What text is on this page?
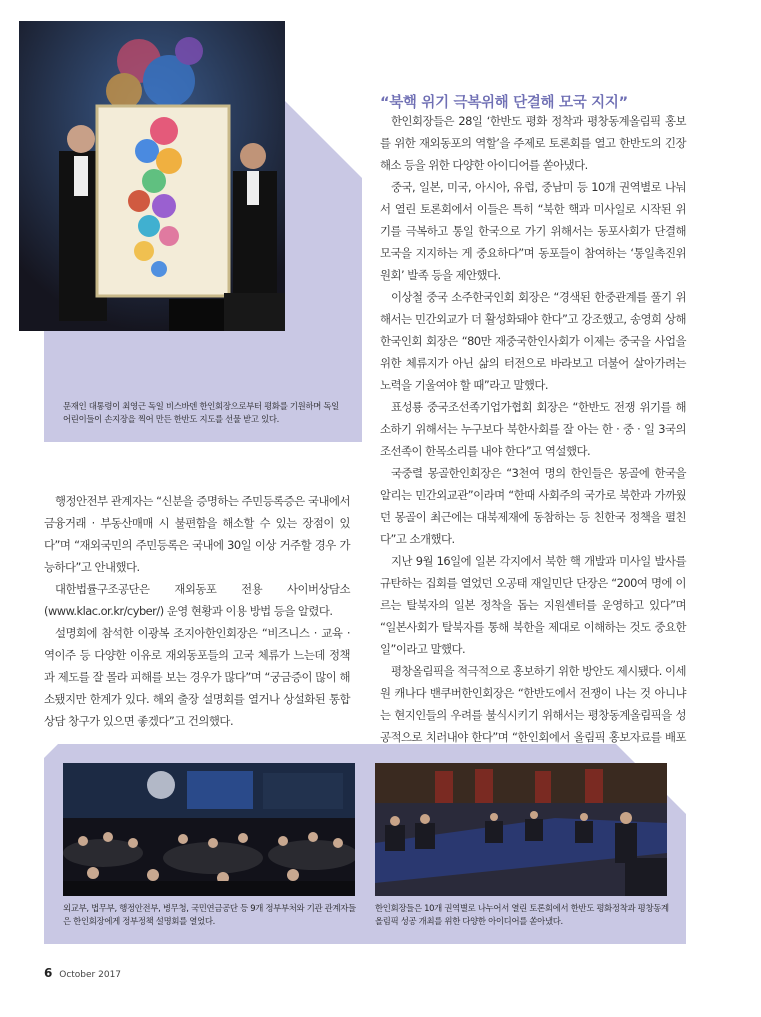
문재인 대통령이 최영근 독일 비스바덴 한인회장으로부터 평화를 기원하며 독일 어린이들이 손지장을 찍어 만든 한반도 지도를 선물 받고 있다.
“북핵 위기 극복위해 단결해 모국 지지”

한인회장들은 28일 ‘한반도 평화 정착과 평창동계올림픽 홍보를 위한 재외동포의 역할’을 주제로 토론회를 열고 한반도의 긴장해소 등을 위한 다양한 아이디어를 쏟아냈다.

중국, 일본, 미국, 아시아, 유럽, 중남미 등 10개 권역별로 나눠서 열린 토론회에서 이들은 특히 “북한 핵과 미사일로 시작된 위기를 극복하고 통일 한국으로 가기 위해서는 동포사회가 단결해 모국을 지지하는 게 중요하다”며 동포들이 참여하는 ‘통일촉진위원회’ 발족 등을 제안했다.

이상철 중국 소주한국인회 회장은 “경색된 한중관계를 풀기 위해서는 민간외교가 더 활성화돼야 한다”고 강조했고, 송영희 상해한국인회 회장은 “80만 재중국한인사회가 이제는 중국을 사업을 위한 체류지가 아닌 삶의 터전으로 바라보고 더불어 살아가려는 노력을 기울여야 할 때”라고 말했다.

표성룡 중국조선족기업가협회 회장은 “한반도 전쟁 위기를 해소하기 위해서는 누구보다 북한사회를 잘 아는 한 · 중 · 일 3국의 조선족이 한목소리를 내야 한다”고 역설했다.

국중렬 몽골한인회장은 “3천여 명의 한인들은 몽골에 한국을 알리는 민간외교관”이라며 “한때 사회주의 국가로 북한과 가까웠던 몽골이 최근에는 대북제재에 동참하는 등 친한국 정책을 펼친다”고 소개했다.

지난 9월 16일에 일본 각지에서 북한 핵 개발과 미사일 발사를 규탄하는 집회를 열었던 오공태 재일민단 단장은 “200여 명에 이르는 탈북자의 일본 정착을 돕는 지원센터를 운영하고 있다”며 “일본사회가 탈북자를 통해 북한을 제대로 이해하는 것도 중요한 일”이라고 말했다.

평창올림픽을 적극적으로 홍보하기 위한 방안도 제시됐다. 이세원 캐나다 밴쿠버한인회장은 “한반도에서 전쟁이 나는 것 아니냐는 현지인들의 우려를 불식시키기 위해서는 평창동계올림픽을 성공적으로 치러내야 한다”며 “한인회에서 올림픽 홍보자료를 배포

행정안전부 관계자는 “신분을 증명하는 주민등록증은 국내에서 금융거래 · 부동산매매 시 불편함을 해소할 수 있는 장점이 있다”며 “재외국민의 주민등록은 국내에 30일 이상 거주할 경우 가능하다”고 안내했다.

대한법률구조공단은 재외동포 전용 사이버상담소(www.klac.or.kr/cyber/) 운영 현황과 이용 방법 등을 알렸다.

설명회에 참석한 이광복 조지아한인회장은 “비즈니스 · 교육 · 역이주 등 다양한 이유로 재외동포들의 고국 체류가 느는데 정책과 제도를 잘 몰라 피해를 보는 경우가 많다”며 “궁금증이 많이 해소됐지만 한계가 있다. 해외 출장 설명회를 열거나 상설화된 통합 상담 창구가 있으면 좋겠다”고 건의했다.

외교부, 법무부, 행정안전부, 병무청, 국민연금공단 등 9개 정부부처와 기관 관계자들은 한인회장에게 정부정책 설명회를 열었다.
한인회장들은 10개 권역별로 나누어서 열린 토론회에서 한반도 평화정착과 평창동계올림픽 성공 개최를 위한 다양한 아이디어를 쏟아냈다.
6 October 2017
